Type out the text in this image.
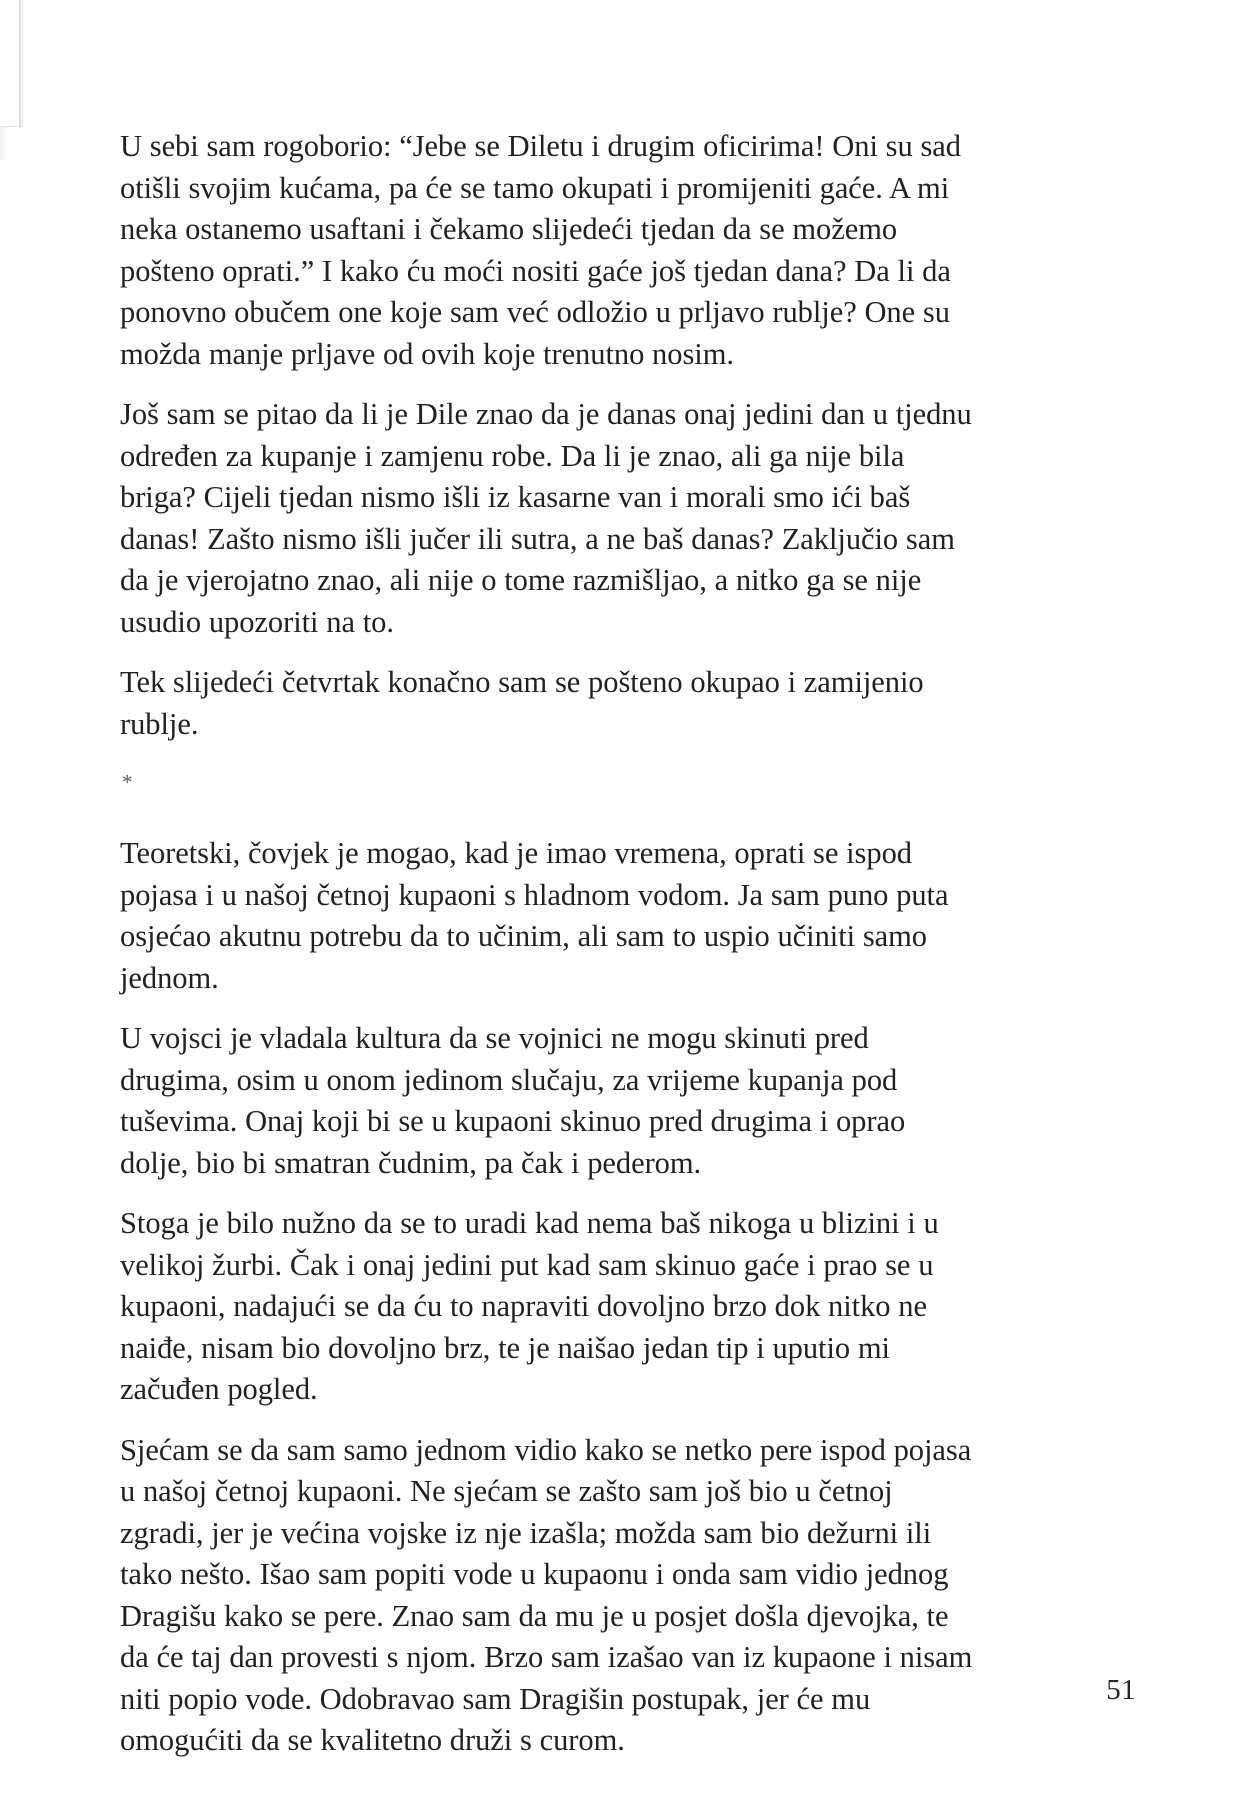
U sebi sam rogoborio: “Jebe se Diletu i drugim oficirima! Oni su sad otišli svojim kućama, pa će se tamo okupati i promijeniti gaće. A mi neka ostanemo usaftani i čekamo slijedeći tjedan da se možemo pošteno oprati.” I kako ću moći nositi gaće još tjedan dana? Da li da ponovno obučem one koje sam već odložio u prljavo rublje? One su možda manje prljave od ovih koje trenutno nosim.

Još sam se pitao da li je Dile znao da je danas onaj jedini dan u tjednu određen za kupanje i zamjenu robe. Da li je znao, ali ga nije bila briga? Cijeli tjedan nismo išli iz kasarne van i morali smo ići baš danas! Zašto nismo išli jučer ili sutra, a ne baš danas? Zaključio sam da je vjerojatno znao, ali nije o tome razmišljao, a nitko ga se nije usudio upozoriti na to.

Tek slijedeći četvrtak konačno sam se pošteno okupao i zamijenio rublje.

*

Teoretski, čovjek je mogao, kad je imao vremena, oprati se ispod pojasa i u našoj četnoj kupaoni s hladnom vodom. Ja sam puno puta osjećao akutnu potrebu da to učinim, ali sam to uspio učiniti samo jednom.

U vojsci je vladala kultura da se vojnici ne mogu skinuti pred drugima, osim u onom jedinom slučaju, za vrijeme kupanja pod tuševima. Onaj koji bi se u kupaoni skinuo pred drugima i oprao dolje, bio bi smatran čudnim, pa čak i pederom.

Stoga je bilo nužno da se to uradi kad nema baš nikoga u blizini i u velikoj žurbi. Čak i onaj jedini put kad sam skinuo gaće i prao se u kupaoni, nadajući se da ću to napraviti dovoljno brzo dok nitko ne naiđe, nisam bio dovoljno brz, te je naišao jedan tip i uputio mi začuđen pogled.

Sjećam se da sam samo jednom vidio kako se netko pere ispod pojasa u našoj četnoj kupaoni. Ne sjećam se zašto sam još bio u četnoj zgradi, jer je većina vojske iz nje izašla; možda sam bio dežurni ili tako nešto. Išao sam popiti vode u kupaonu i onda sam vidio jednog Dragišu kako se pere. Znao sam da mu je u posjet došla djevojka, te da će taj dan provesti s njom. Brzo sam izašao van iz kupaone i nisam niti popio vode. Odobravao sam Dragišin postupak, jer će mu omogućiti da se kvalitetno druži s curom.

51
